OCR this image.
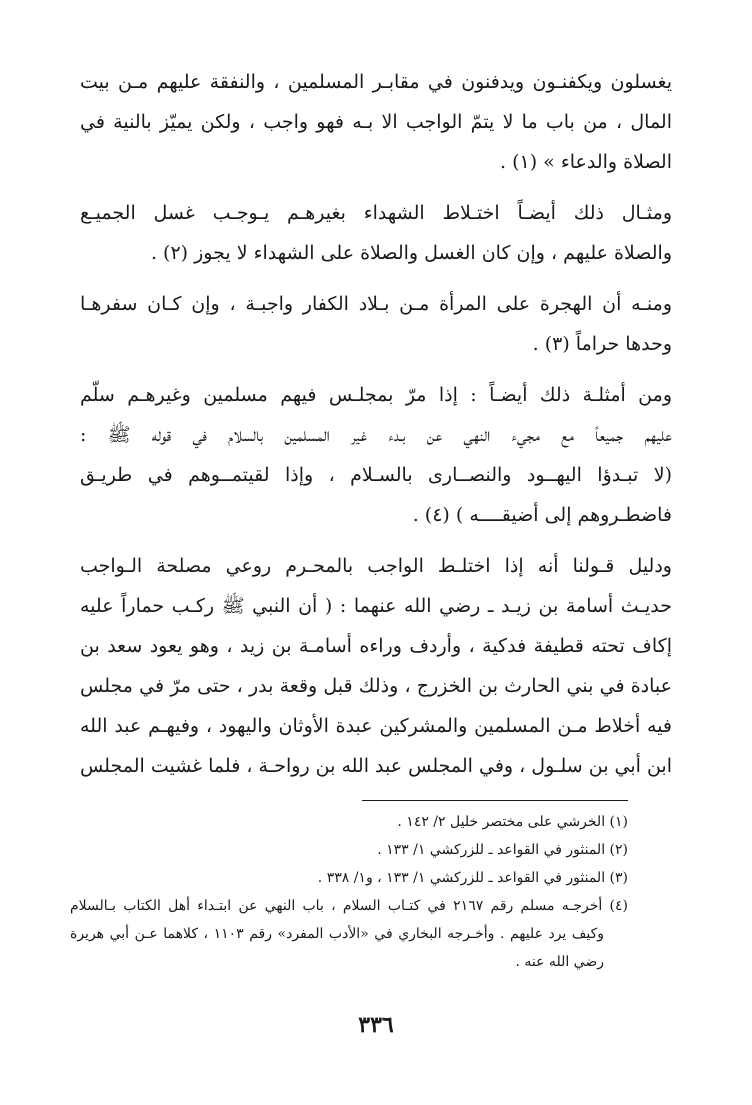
يغسلون ويكفنـون ويدفنون في مقابـر المسلمين ، والنفقة عليهم مـن بيت
المال ، من باب ما لا يتمّ الواجب الا بـه فهو واجب ، ولكن يميّز بالنية في
الصلاة والدعاء » (١) .
ومثـال ذلك أيضـاً اختـلاط الشهداء بغيرهـم يـوجـب غسل الجميـع
والصلاة عليهم ، وإن كان الغسل والصلاة على الشهداء لا يجوز (٢) .
ومنـه أن الهجرة على المرأة مـن بـلاد الكفار واجبـة ، وإن كـان سفرهـا
وحدها حراماً (٣) .
ومن أمثلـة ذلك أيضـاً : إذا مرّ بمجلـس فيهم مسلمين وغيرهـم سلّم
عليهم جميعاً مع مجيء النهي عن بـدء غير المسلمين بالسلام في قوله ﷺ :
(لا تبـدؤا اليهــود والنصــارى بالسـلام ، وإذا لقيتمــوهم في طريـق
فاضطـروهم إلى أضيقــــه ) (٤) .
ودليل قـولنا أنه إذا اختلـط الواجب بالمحـرم روعي مصلحة الـواجب
حديـث أسامة بن زيـد ـ رضي الله عنهما : ( أن النبي ﷺ ركـب حماراً عليه
إكاف تحته قطيفة فدكية ، وأردف وراءه أسامـة بن زيد ، وهو يعود سعد بن
عبادة في بني الحارث بن الخزرج ، وذلك قبل وقعة بدر ، حتى مرّ في مجلس
فيه أخلاط مـن المسلمين والمشركين عبدة الأوثان واليهود ، وفيهـم عبد الله
ابن أبي بن سلـول ، وفي المجلس عبد الله بن رواحـة ، فلما غشيت المجلس
(١) الخرشي على مختصر خليل ٢/ ١٤٢ .
(٢) المنثور في القواعد ـ للزركشي ١/ ١٣٣ .
(٣) المنثور في القواعد ـ للزركشي ١/ ١٣٣ ، و١/ ٣٣٨ .
(٤) أخرجـه مسلم رقم ٢١٦٧ في كتـاب السلام ، باب النهي عن ابتـداء أهل الكتاب بـالسلام
وكيف يرد عليهم . وأخـرجه البخاري في «الأدب المفرد» رقم ١١٠٣ ، كلاهما عـن أبي هريرة
رضي الله عنه .
٣٣٦
